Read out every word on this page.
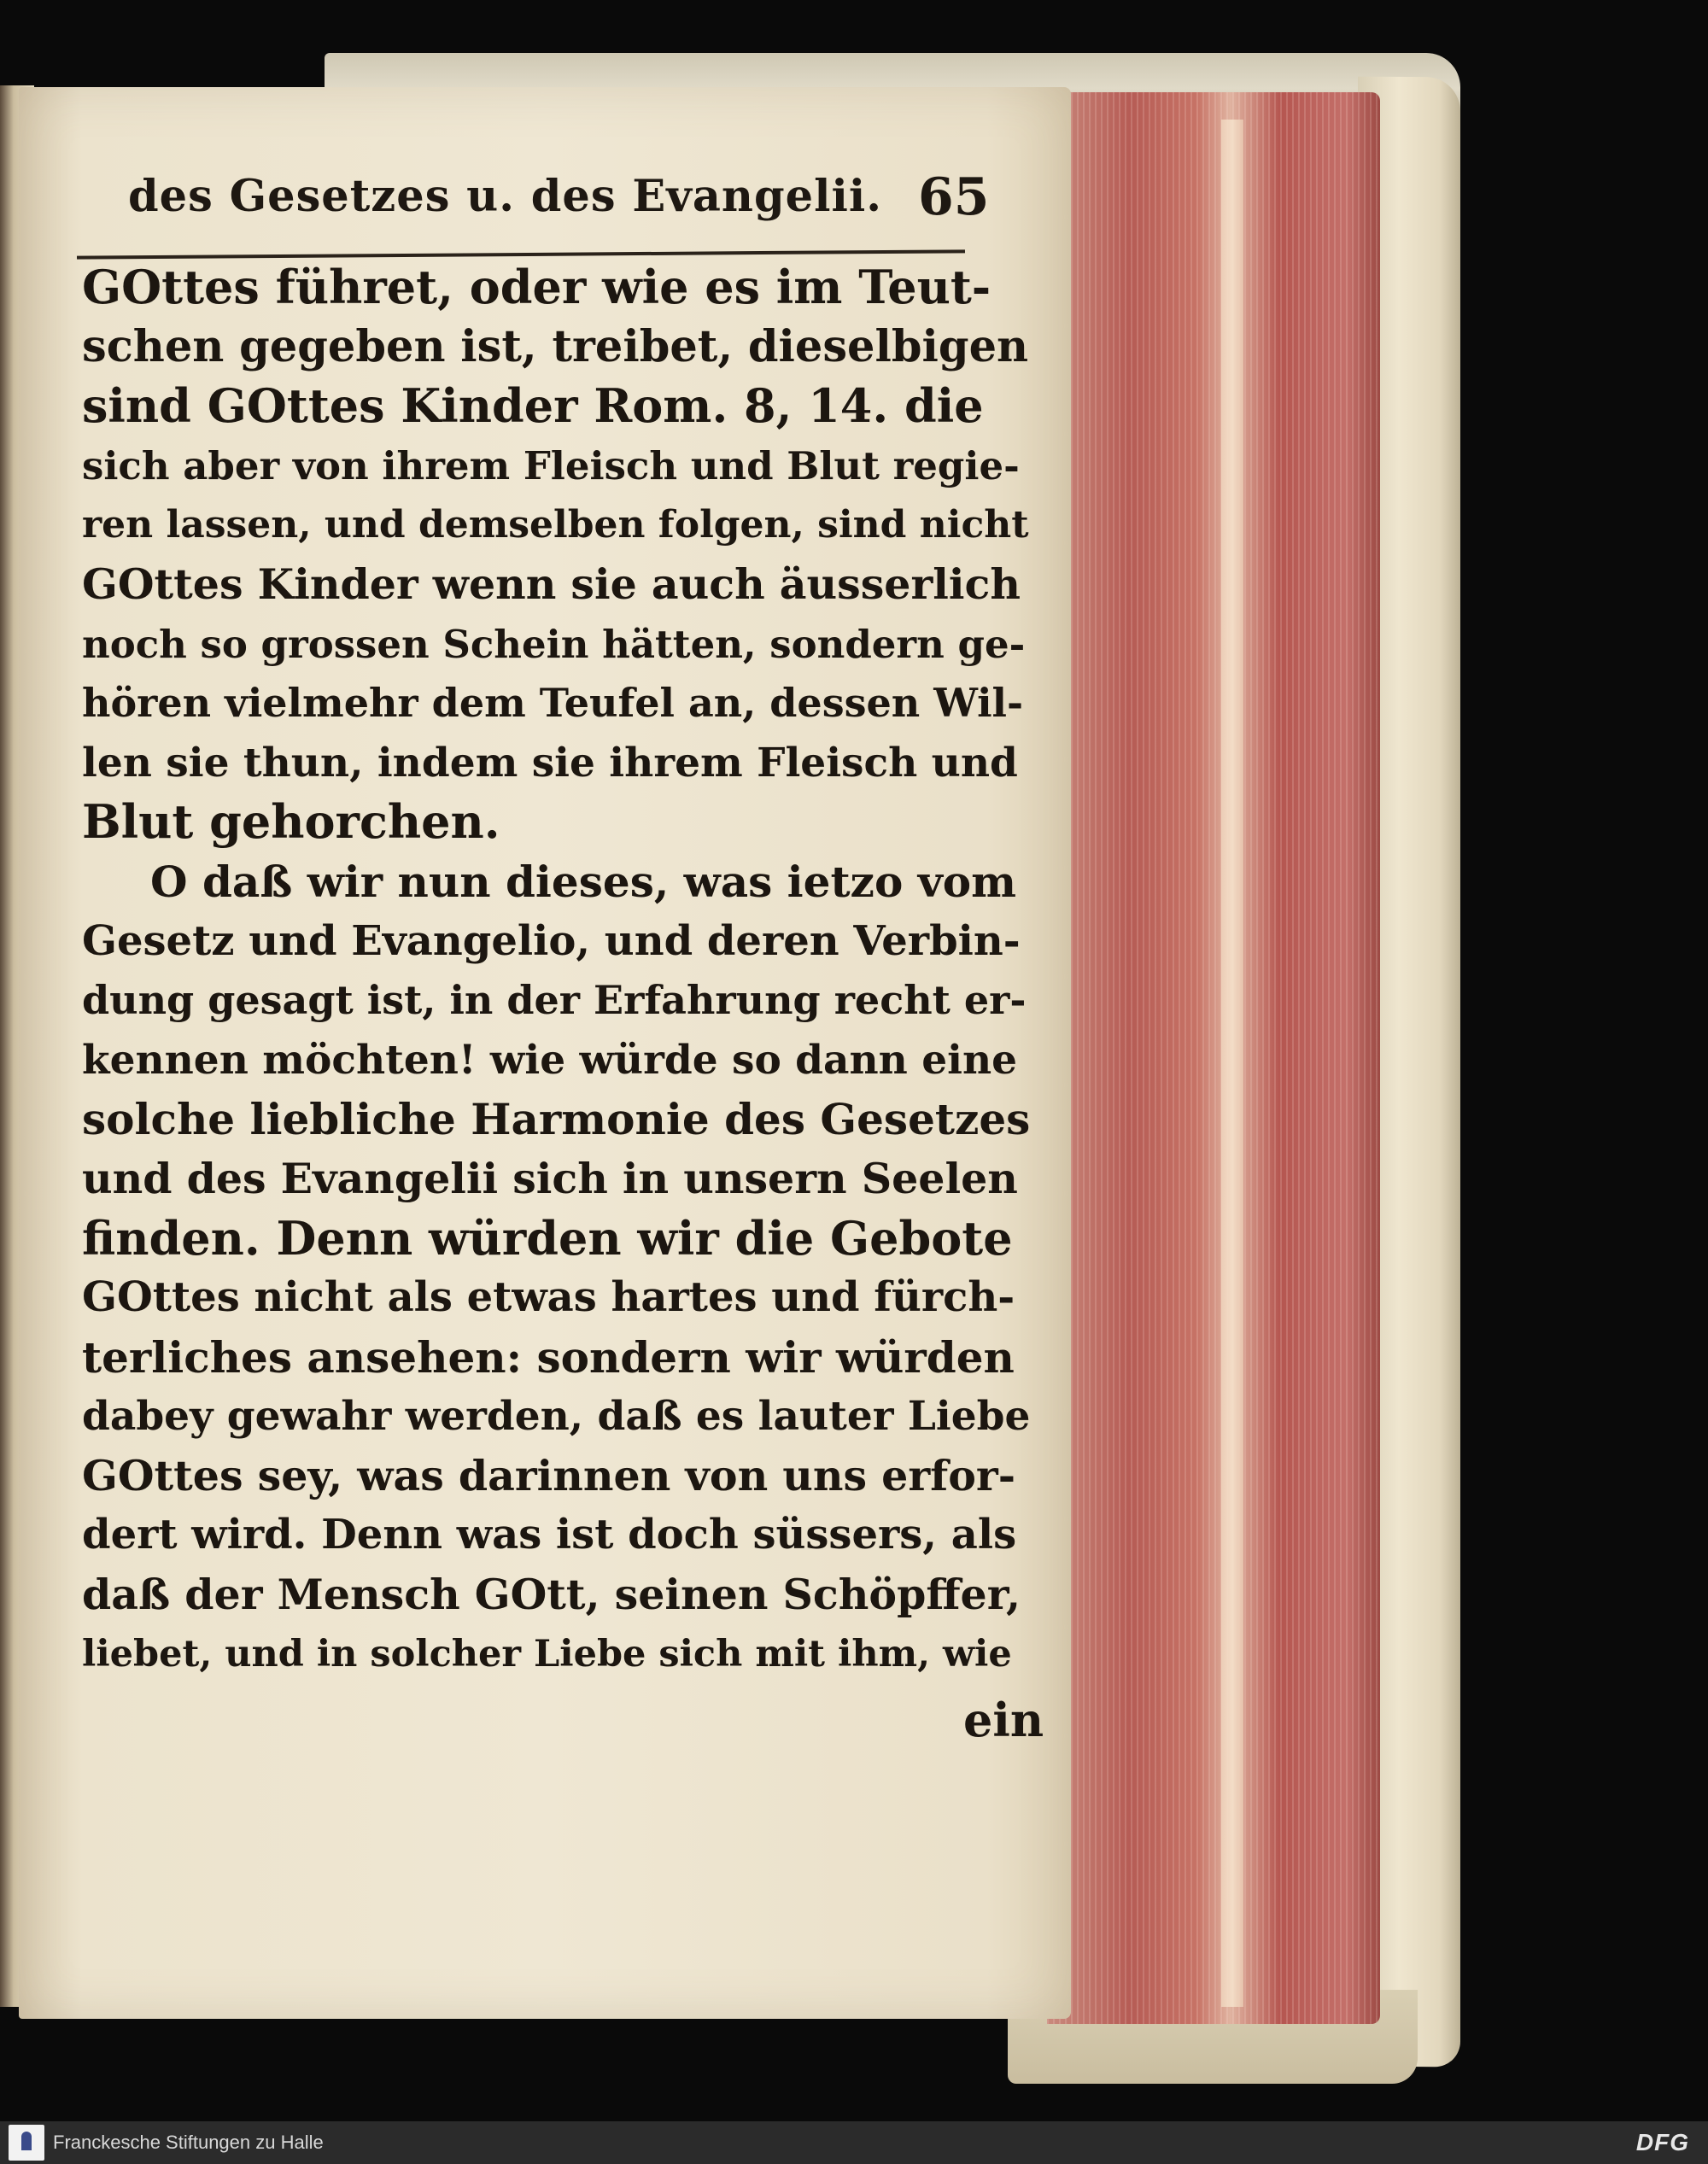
des Gesetzes u. des Evangelii. 65
GOttes führet, oder wie es im Teut-
schen gegeben ist, treibet, dieselbigen
sind GOttes Kinder Rom. 8, 14. die
sich aber von ihrem Fleisch und Blut regie-
ren lassen, und demselben folgen, sind nicht
GOttes Kinder wenn sie auch äusserlich
noch so grossen Schein hätten, sondern ge-
hören vielmehr dem Teufel an, dessen Wil-
len sie thun, indem sie ihrem Fleisch und
Blut gehorchen.
O daß wir nun dieses, was ietzo vom
Gesetz und Evangelio, und deren Verbin-
dung gesagt ist, in der Erfahrung recht er-
kennen möchten! wie würde so dann eine
solche liebliche Harmonie des Gesetzes
und des Evangelii sich in unsern Seelen
finden. Denn würden wir die Gebote
GOttes nicht als etwas hartes und fürch-
terliches ansehen: sondern wir würden
dabey gewahr werden, daß es lauter Liebe
GOttes sey, was darinnen von uns erfor-
dert wird. Denn was ist doch süssers, als
daß der Mensch GOtt, seinen Schöpffer,
liebet, und in solcher Liebe sich mit ihm, wie
ein
Franckesche Stiftungen zu Halle	DFG
